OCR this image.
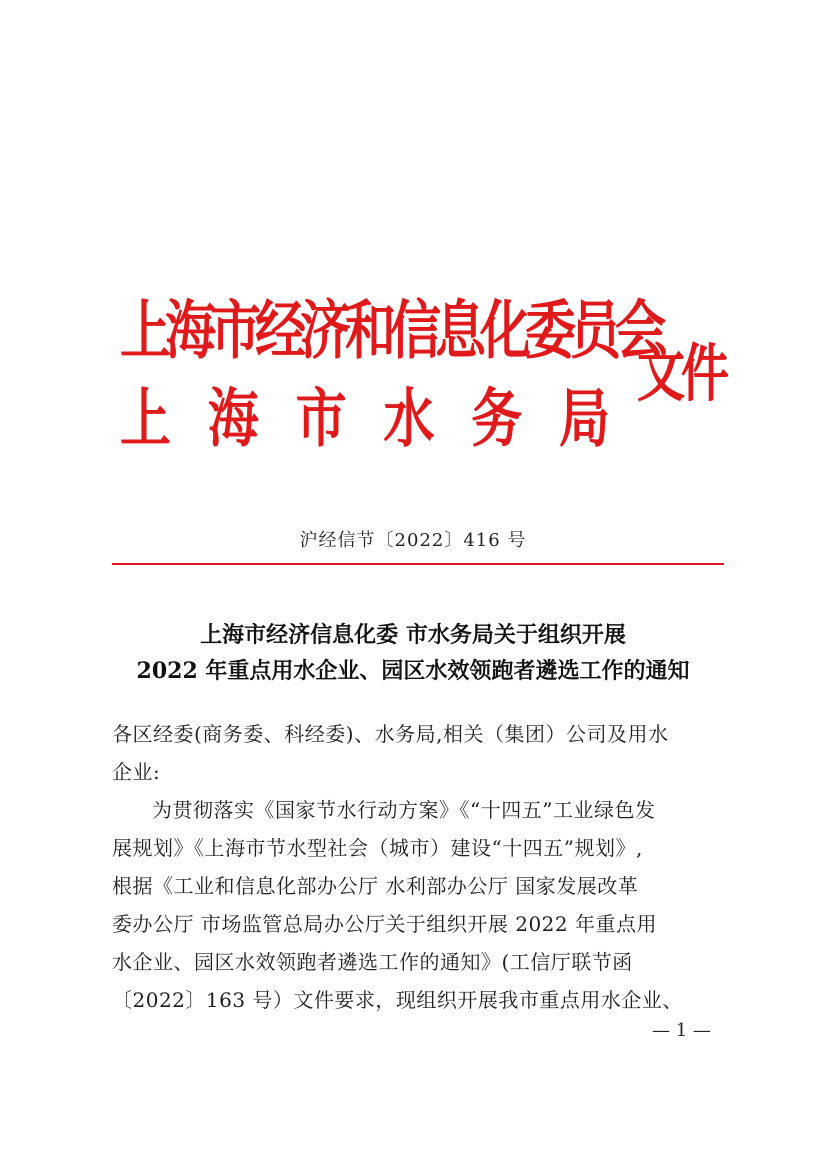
上海市经济和信息化委员会
上 海 市 水 务 局
文件
沪经信节〔2022〕416 号
上海市经济信息化委 市水务局关于组织开展
2022 年重点用水企业、园区水效领跑者遴选工作的通知
各区经委(商务委、科经委)、水务局,相关（集团）公司及用水
企业:
为贯彻落实《国家节水行动方案》《“十四五”工业绿色发
展规划》《上海市节水型社会（城市）建设“十四五”规划》,
根据《工业和信息化部办公厅 水利部办公厅 国家发展改革
委办公厅 市场监管总局办公厅关于组织开展 2022 年重点用
水企业、园区水效领跑者遴选工作的通知》(工信厅联节函
〔2022〕163 号）文件要求，现组织开展我市重点用水企业、
— 1 —
